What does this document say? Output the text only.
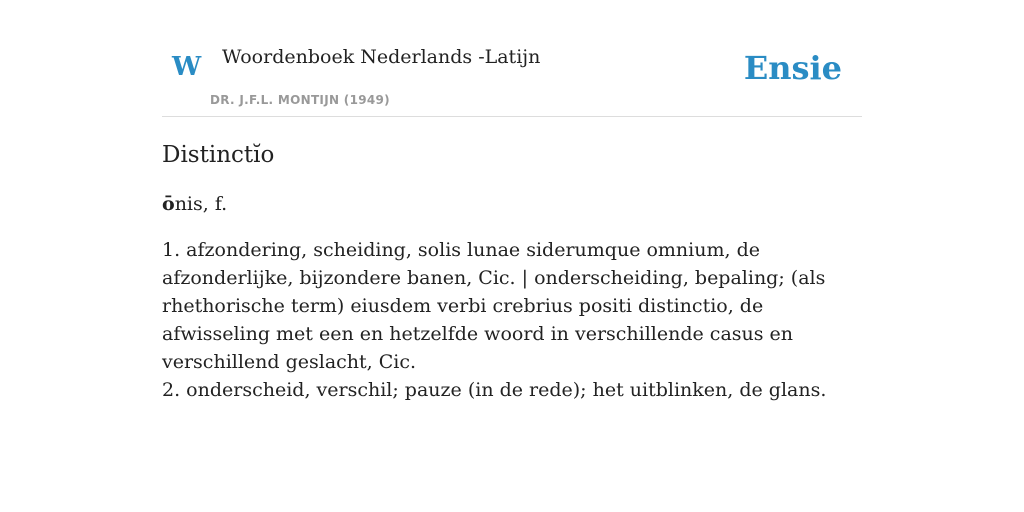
W Woordenboek Nederlands -Latijn
DR. J.F.L. MONTIJN (1949)
Ensie
Distinctĭo

ōnis, f.

1. afzondering, scheiding, solis lunae siderumque omnium, de afzonderlijke, bijzondere banen, Cic. | onderscheiding, bepaling; (als rhethorische term) eiusdem verbi crebrius positi distinctio, de afwisseling met een en hetzelfde woord in verschillende casus en verschillend geslacht, Cic.
2. onderscheid, verschil; pauze (in de rede); het uitblinken, de glans.
